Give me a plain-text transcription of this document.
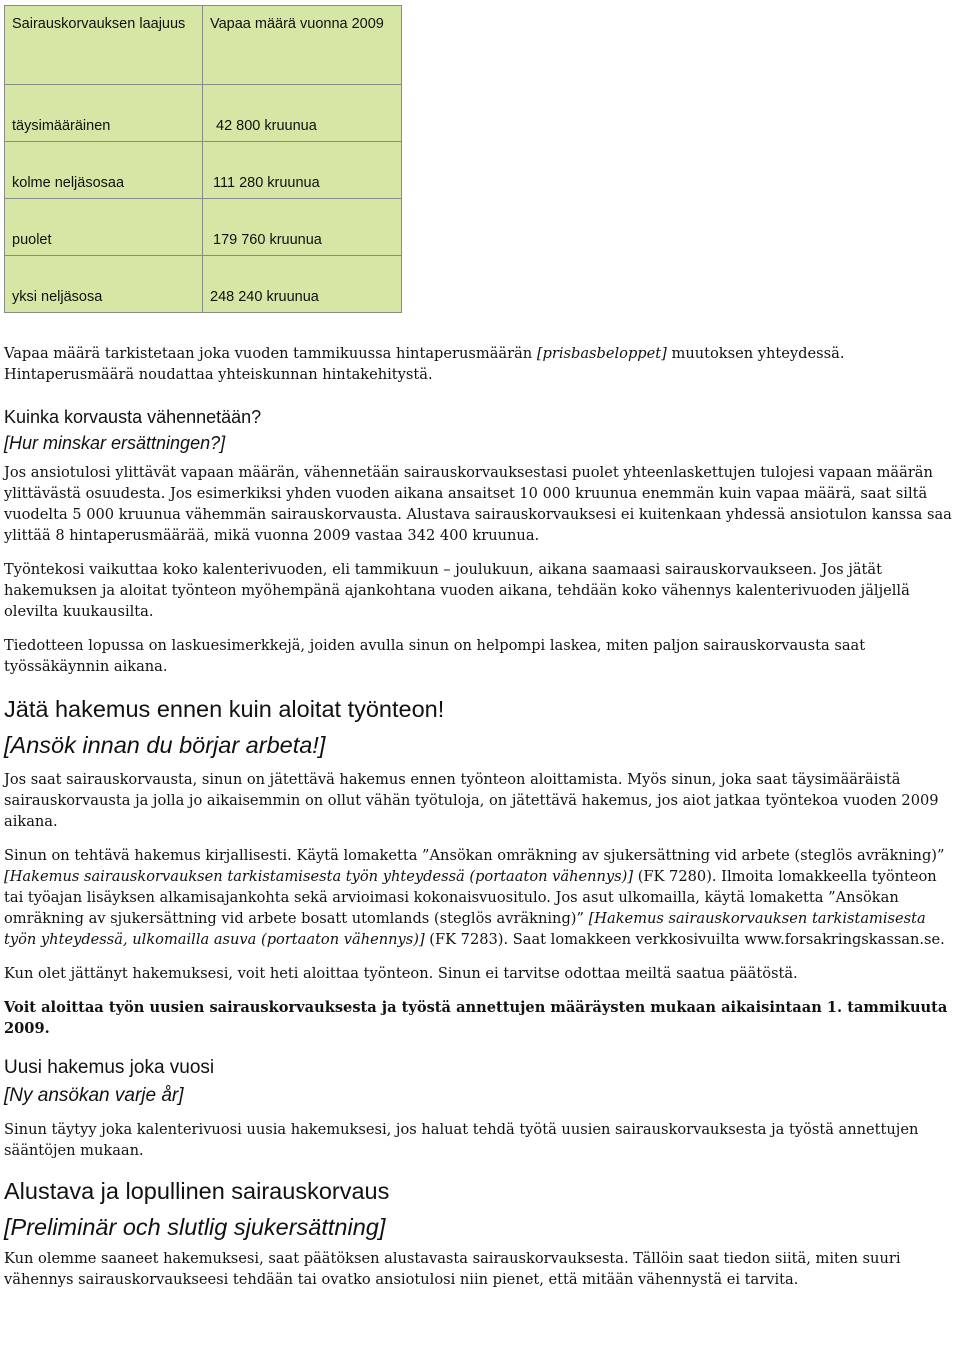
Sairauskorvauksen laajuus	Vapaa määrä vuonna 2009
täysimääräinen	42 800 kruunua
kolme neljäsosaa	111 280 kruunua
puolet	179 760 kruunua
yksi neljäsosa	248 240 kruunua

Vapaa määrä tarkistetaan joka vuoden tammikuussa hintaperusmäärän [prisbasbeloppet] muutoksen yhteydessä. Hintaperusmäärä noudattaa yhteiskunnan hintakehitystä.

Kuinka korvausta vähennetään?
[Hur minskar ersättningen?]

Jos ansiotulosi ylittävät vapaan määrän, vähennetään sairauskorvauksestasi puolet yhteenlaskettujen tulojesi vapaan määrän ylittävästä osuudesta. Jos esimerkiksi yhden vuoden aikana ansaitset 10 000 kruunua enemmän kuin vapaa määrä, saat siltä vuodelta 5 000 kruunua vähemmän sairauskorvausta. Alustava sairauskorvauksesi ei kuitenkaan yhdessä ansiotulon kanssa saa ylittää 8 hintaperusmäärää, mikä vuonna 2009 vastaa 342 400 kruunua.

Työntekosi vaikuttaa koko kalenterivuoden, eli tammikuun – joulukuun, aikana saamaasi sairauskorvaukseen. Jos jätät hakemuksen ja aloitat työnteon myöhempänä ajankohtana vuoden aikana, tehdään koko vähennys kalenterivuoden jäljellä olevilta kuukausilta.

Tiedotteen lopussa on laskuesimerkkejä, joiden avulla sinun on helpompi laskea, miten paljon sairauskorvausta saat työssäkäynnin aikana.

Jätä hakemus ennen kuin aloitat työnteon!
[Ansök innan du börjar arbeta!]

Jos saat sairauskorvausta, sinun on jätettävä hakemus ennen työnteon aloittamista. Myös sinun, joka saat täysimääräistä sairauskorvausta ja jolla jo aikaisemmin on ollut vähän työtuloja, on jätettävä hakemus, jos aiot jatkaa työntekoa vuoden 2009 aikana.

Sinun on tehtävä hakemus kirjallisesti. Käytä lomaketta ”Ansökan omräkning av sjukersättning vid arbete (steglös avräkning)” [Hakemus sairauskorvauksen tarkistamisesta työn yhteydessä (portaaton vähennys)] (FK 7280). Ilmoita lomakkeella työnteon tai työajan lisäyksen alkamisajankohta sekä arvioimasi kokonaisvuositulo. Jos asut ulkomailla, käytä lomaketta ”Ansökan omräkning av sjukersättning vid arbete bosatt utomlands (steglös avräkning)” [Hakemus sairauskorvauksen tarkistamisesta työn yhteydessä, ulkomailla asuva (portaaton vähennys)] (FK 7283). Saat lomakkeen verkkosivuilta www.forsakringskassan.se.

Kun olet jättänyt hakemuksesi, voit heti aloittaa työnteon. Sinun ei tarvitse odottaa meiltä saatua päätöstä.

Voit aloittaa työn uusien sairauskorvauksesta ja työstä annettujen määräysten mukaan aikaisintaan 1. tammikuuta 2009.

Uusi hakemus joka vuosi
[Ny ansökan varje år]

Sinun täytyy joka kalenterivuosi uusia hakemuksesi, jos haluat tehdä työtä uusien sairauskorvauksesta ja työstä annettujen sääntöjen mukaan.

Alustava ja lopullinen sairauskorvaus
[Preliminär och slutlig sjukersättning]

Kun olemme saaneet hakemuksesi, saat päätöksen alustavasta sairauskorvauksesta. Tällöin saat tiedon siitä, miten suuri vähennys sairauskorvaukseesi tehdään tai ovatko ansiotulosi niin pienet, että mitään vähennystä ei tarvita.
